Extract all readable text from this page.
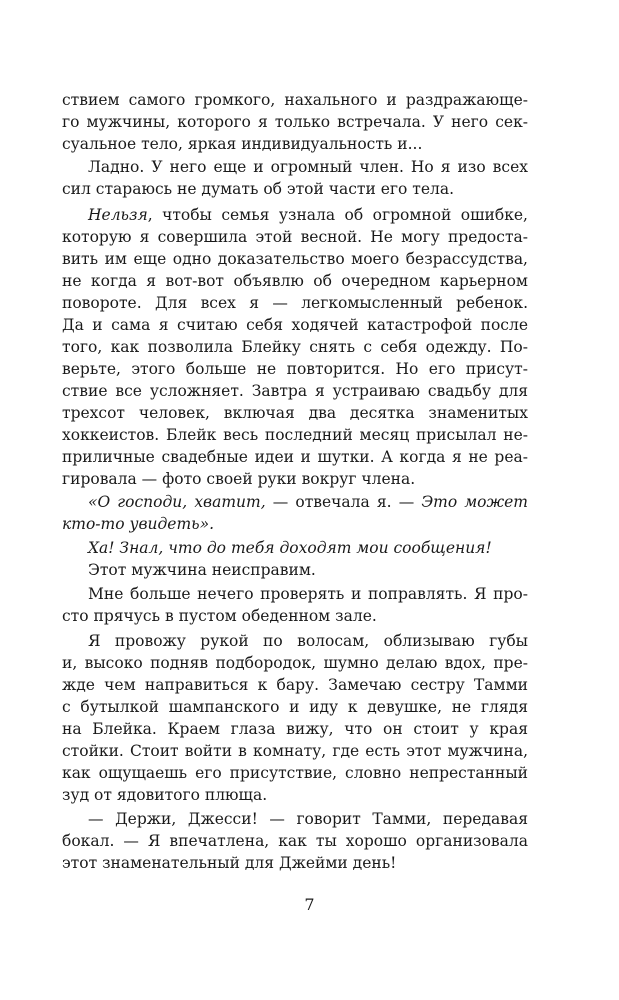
ствием самого громкого, нахального и раздражающе-
го мужчины, которого я только встречала. У него сек-
суальное тело, яркая индивидуальность и...
Ладно. У него еще и огромный член. Но я изо всех
сил стараюсь не думать об этой части его тела.
Нельзя, чтобы семья узнала об огромной ошибке,
которую я совершила этой весной. Не могу предоста-
вить им еще одно доказательство моего безрассудства,
не когда я вот-вот объявлю об очередном карьерном
повороте. Для всех я — легкомысленный ребенок.
Да и сама я считаю себя ходячей катастрофой после
того, как позволила Блейку снять с себя одежду. По-
верьте, этого больше не повторится. Но его присут-
ствие все усложняет. Завтра я устраиваю свадьбу для
трехсот человек, включая два десятка знаменитых
хоккеистов. Блейк весь последний месяц присылал не-
приличные свадебные идеи и шутки. А когда я не реа-
гировала — фото своей руки вокруг члена.
«О господи, хватит, — отвечала я. — Это может
кто-то увидеть».
Ха! Знал, что до тебя доходят мои сообщения!
Этот мужчина неисправим.
Мне больше нечего проверять и поправлять. Я про-
сто прячусь в пустом обеденном зале.
Я провожу рукой по волосам, облизываю губы
и, высоко подняв подбородок, шумно делаю вдох, пре-
жде чем направиться к бару. Замечаю сестру Тамми
с бутылкой шампанского и иду к девушке, не глядя
на Блейка. Краем глаза вижу, что он стоит у края
стойки. Стоит войти в комнату, где есть этот мужчина,
как ощущаешь его присутствие, словно непрестанный
зуд от ядовитого плюща.
— Держи, Джесси! — говорит Тамми, передавая
бокал. — Я впечатлена, как ты хорошо организовала
этот знаменательный для Джейми день!
7
